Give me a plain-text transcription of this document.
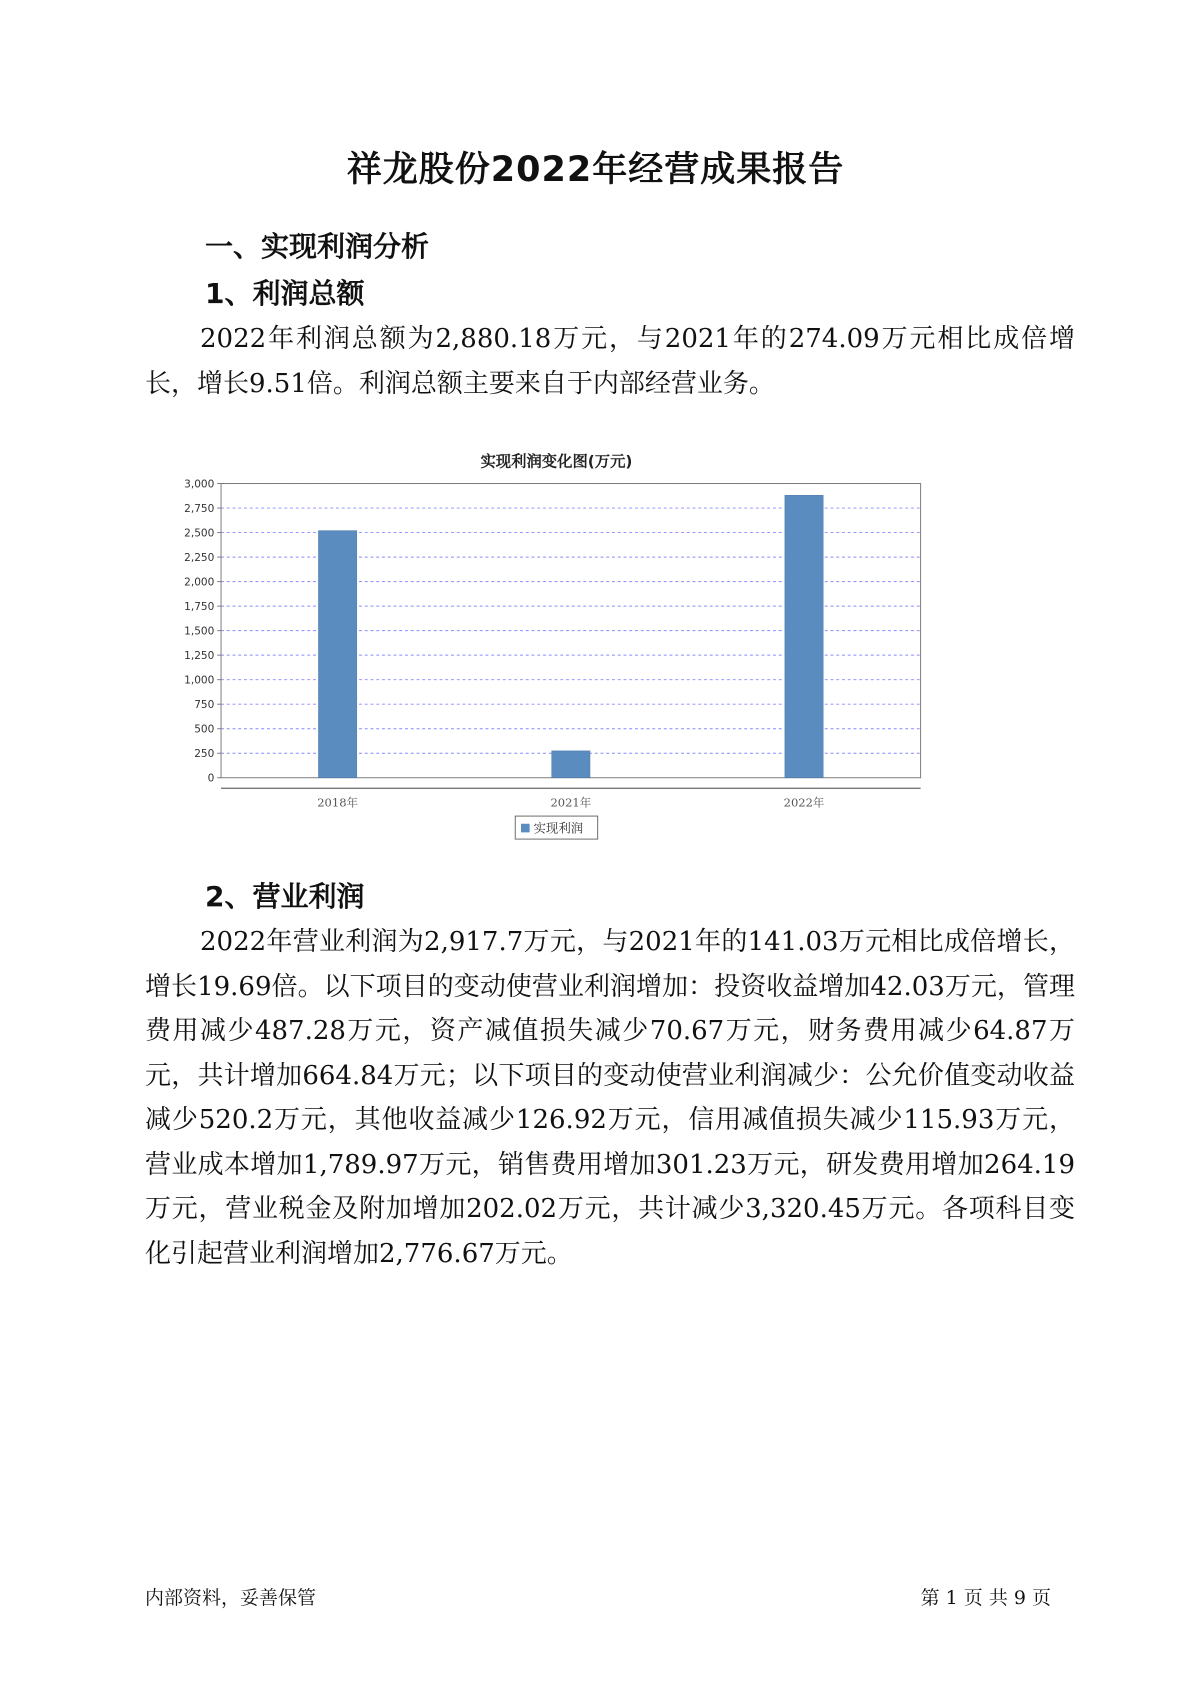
祥龙股份2022年经营成果报告
一、实现利润分析
1、利润总额
2022年利润总额为2,880.18万元，与2021年的274.09万元相比成倍增长，增长9.51倍。利润总额主要来自于内部经营业务。
实现利润变化图(万元)
0
250
500
750
1,000
1,250
1,500
1,750
2,000
2,250
2,500
2,750
3,000
2018年	2021年	2022年
实现利润
2、营业利润
2022年营业利润为2,917.7万元，与2021年的141.03万元相比成倍增长，增长19.69倍。以下项目的变动使营业利润增加：投资收益增加42.03万元，管理费用减少487.28万元，资产减值损失减少70.67万元，财务费用减少64.87万元，共计增加664.84万元；以下项目的变动使营业利润减少：公允价值变动收益减少520.2万元，其他收益减少126.92万元，信用减值损失减少115.93万元，营业成本增加1,789.97万元，销售费用增加301.23万元，研发费用增加264.19万元，营业税金及附加增加202.02万元，共计减少3,320.45万元。各项科目变化引起营业利润增加2,776.67万元。
内部资料，妥善保管	第 1 页 共 9 页
